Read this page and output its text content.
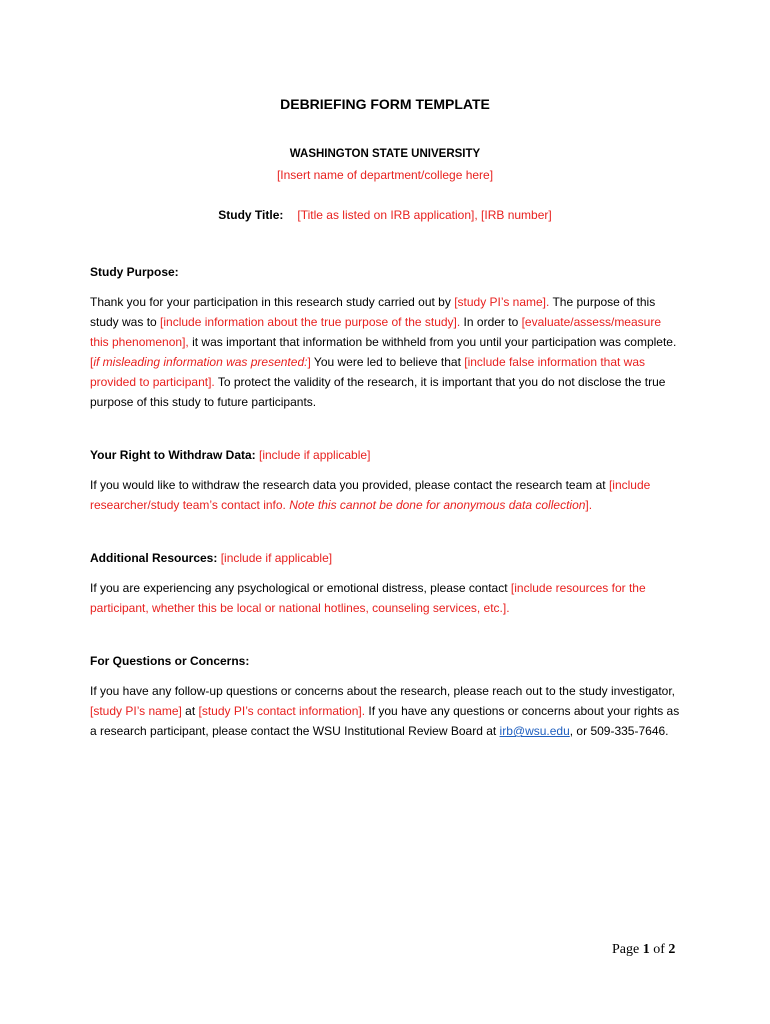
DEBRIEFING FORM TEMPLATE
WASHINGTON STATE UNIVERSITY
[Insert name of department/college here]
Study Title: [Title as listed on IRB application], [IRB number]
Study Purpose:

Thank you for your participation in this research study carried out by [study PI’s name]. The purpose of this study was to [include information about the true purpose of the study]. In order to [evaluate/assess/measure this phenomenon], it was important that information be withheld from you until your participation was complete. [if misleading information was presented:] You were led to believe that [include false information that was provided to participant]. To protect the validity of the research, it is important that you do not disclose the true purpose of this study to future participants.

Your Right to Withdraw Data: [include if applicable]

If you would like to withdraw the research data you provided, please contact the research team at [include researcher/study team’s contact info. Note this cannot be done for anonymous data collection].

Additional Resources: [include if applicable]

If you are experiencing any psychological or emotional distress, please contact [include resources for the participant, whether this be local or national hotlines, counseling services, etc.].

For Questions or Concerns:

If you have any follow-up questions or concerns about the research, please reach out to the study investigator, [study PI’s name] at [study PI’s contact information]. If you have any questions or concerns about your rights as a research participant, please contact the WSU Institutional Review Board at irb@wsu.edu, or 509-335-7646.

Page 1 of 2
